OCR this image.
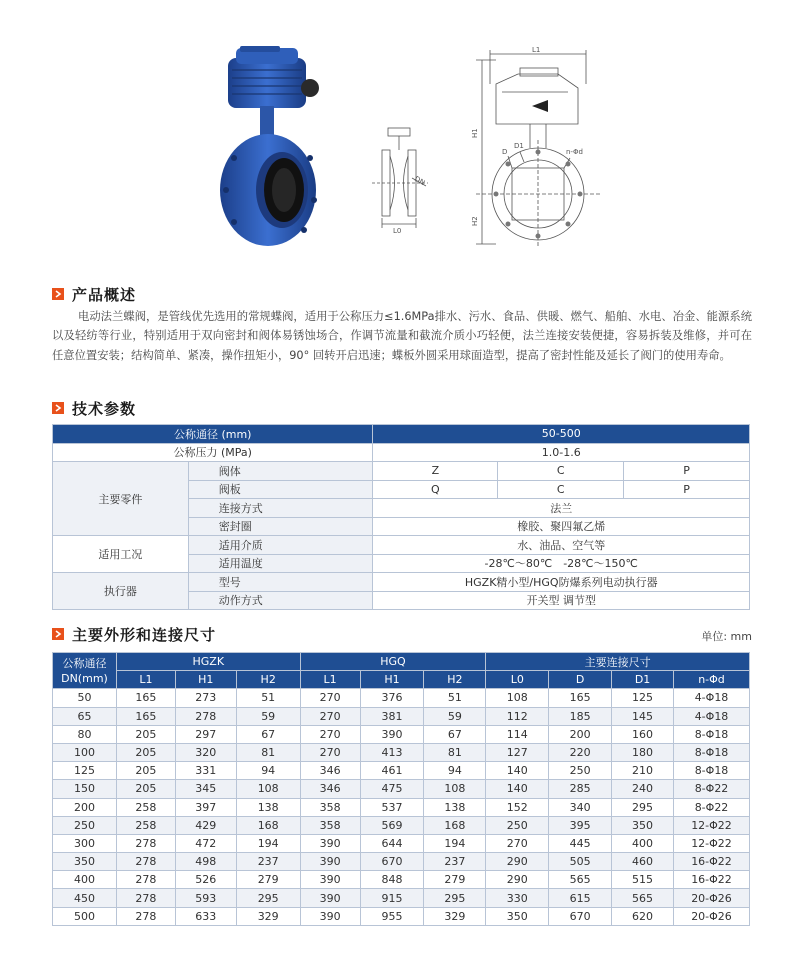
DN
L0
L1
H1
H2
D
D1
n-Φd
产品概述
电动法兰蝶阀，是管线优先选用的常规蝶阀，适用于公称压力≤1.6MPa排水、污水、食品、供暖、燃气、船舶、水电、冶金、能源系统以及轻纺等行业，特别适用于双向密封和阀体易锈蚀场合，作调节流量和截流介质小巧轻便，法兰连接安装便捷，容易拆装及维修，并可在任意位置安装；结构简单、紧凑，操作扭矩小，90° 回转开启迅速；蝶板外圆采用球面造型，提高了密封性能及延长了阀门的使用寿命。
技术参数
公称通径 (mm)		50-500		
公称压力 (MPa)		1.0-1.6		
主要零件	阀体	Z	C	P
	阀板	Q	C	P
	连接方式	法兰		
	密封圈	橡胶、聚四氟乙烯		
适用工况	适用介质	水、油品、空气等		
	适用温度	-28℃～80℃　-28℃～150℃		
执行器	型号	HGZK精小型/HGQ防爆系列电动执行器		
	动作方式	开关型 调节型		
主要外形和连接尺寸	单位: mm
公称通径
DN(mm)	HGZK			HGQ			主要连接尺寸			
	L1	H1	H2	L1	H1	H2	L0	D	D1	n-Φd
50	165	273	51	270	376	51	108	165	125	4-Φ18
65	165	278	59	270	381	59	112	185	145	4-Φ18
80	205	297	67	270	390	67	114	200	160	8-Φ18
100	205	320	81	270	413	81	127	220	180	8-Φ18
125	205	331	94	346	461	94	140	250	210	8-Φ18
150	205	345	108	346	475	108	140	285	240	8-Φ22
200	258	397	138	358	537	138	152	340	295	8-Φ22
250	258	429	168	358	569	168	250	395	350	12-Φ22
300	278	472	194	390	644	194	270	445	400	12-Φ22
350	278	498	237	390	670	237	290	505	460	16-Φ22
400	278	526	279	390	848	279	290	565	515	16-Φ22
450	278	593	295	390	915	295	330	615	565	20-Φ26
500	278	633	329	390	955	329	350	670	620	20-Φ26
